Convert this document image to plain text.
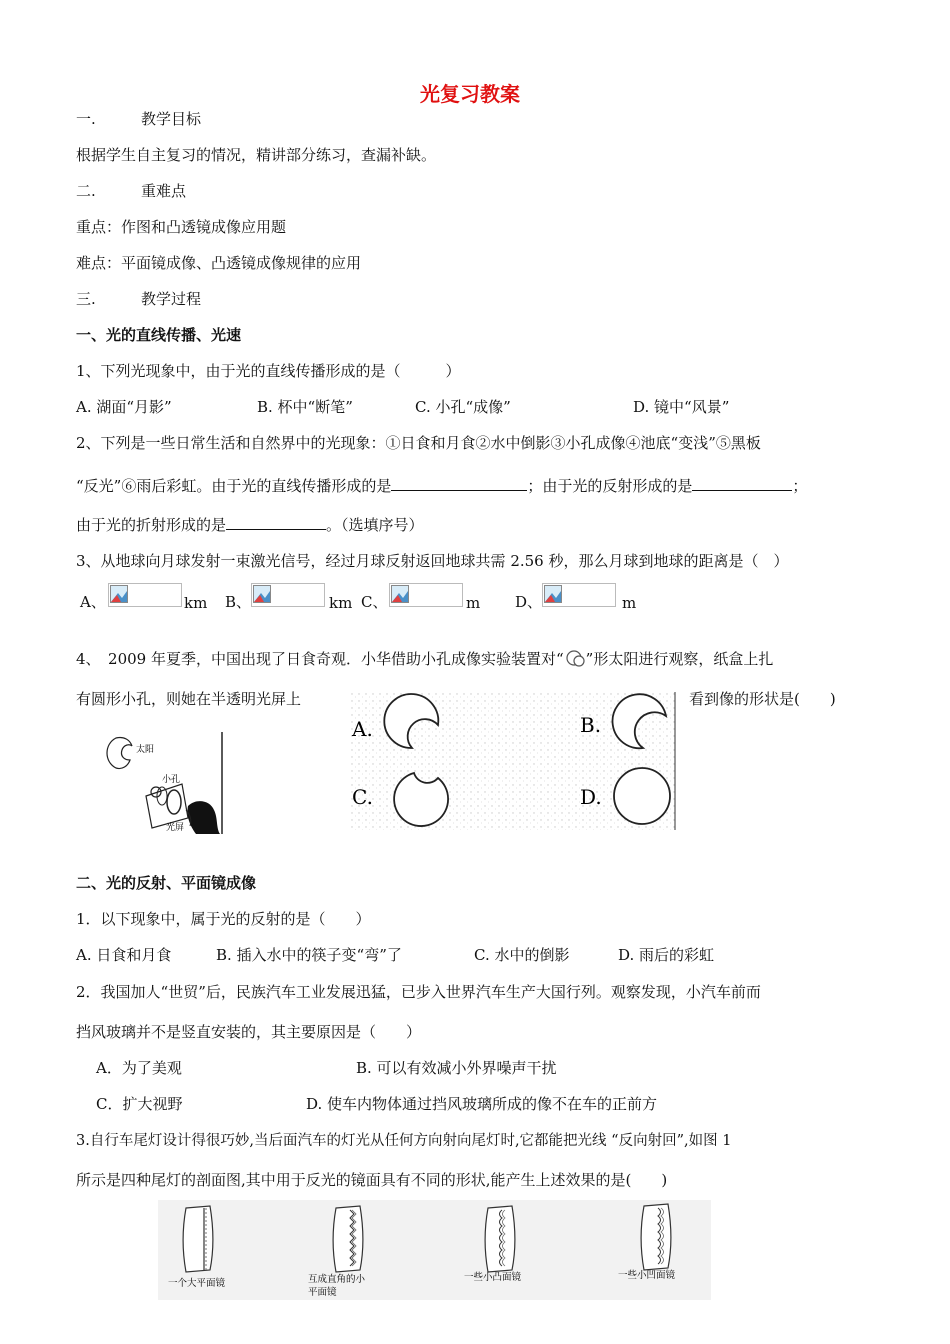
光复习教案
一.	教学目标
根据学生自主复习的情况，精讲部分练习，查漏补缺。
二.	重难点
重点：作图和凸透镜成像应用题
难点：平面镜成像、凸透镜成像规律的应用
三.	教学过程
一、光的直线传播、光速
1、下列光现象中，由于光的直线传播形成的是（　　　）
A. 湖面“月影”	B. 杯中“断笔”	C. 小孔“成像”	D. 镜中“风景”
2、下列是一些日常生活和自然界中的光现象：①日食和月食②水中倒影③小孔成像④池底“变浅”⑤黑板
“反光”⑥雨后彩虹。由于光的直线传播形成的是	；由于光的反射形成的是	；
由于光的折射形成的是	。（选填序号）
3、从地球向月球发射一束激光信号，经过月球反射返回地球共需 2.56 秒，那么月球到地球的距离是（　）
A、	km B、	km C、	m D、	m
4、　2009 年夏季，中国出现了日食奇观．小华借助小孔成像实验装置对“ ”形太阳进行观察，纸盒上扎
有圆形小孔，则她在半透明光屏上	看到像的形状是(　　)
太阳
小孔
光屏
A.	B.
C.	D.
二、光的反射、平面镜成像
1．以下现象中，属于光的反射的是（　　）
A. 日食和月食	B. 插入水中的筷子变“弯”了	C. 水中的倒影	D. 雨后的彩虹
2．我国加人“世贸”后，民族汽车工业发展迅猛，已步入世界汽车生产大国行列。观察发现，小汽车前而
挡风玻璃并不是竖直安装的，其主要原因是（　　）
A．为了美观	B. 可以有效减小外界噪声干扰
C．扩大视野	D. 使车内物体通过挡风玻璃所成的像不在车的正前方
3.自行车尾灯设计得很巧妙,当后面汽车的灯光从任何方向射向尾灯时,它都能把光线 “反向射回”,如图 1
所示是四种尾灯的剖面图,其中用于反光的镜面具有不同的形状,能产生上述效果的是(　　)
一个大平面镜	互成直角的小
平面镜
一些小凸面镜	一些小凹面镜
